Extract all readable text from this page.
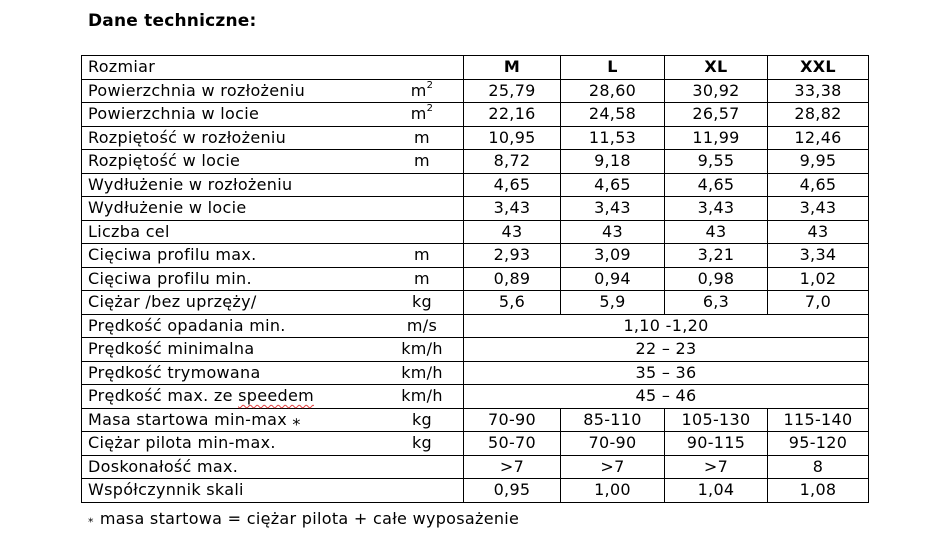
Dane techniczne:
Rozmiar	M	L	XL	XXL

Powierzchnia w rozłożeniu $m^2$	25,79	28,60	30,92	33,38

Powierzchnia w locie $m^2$	22,16	24,58	26,57	28,82

Rozpiętość w rozłożeniu m	10,95	11,53	11,99	12,46

Rozpiętość w locie m	8,72	9,18	9,55	9,95

Wydłużenie w rozłożeniu	4,65	4,65	4,65	4,65

Wydłużenie w locie	3,43	3,43	3,43	3,43

Liczba cel	43	43	43	43

Cięciwa profilu max. m	2,93	3,09	3,21	3,34

Cięciwa profilu min. m	0,89	0,94	0,98	1,02

Ciężar /bez uprzęży/ kg	5,6	5,9	6,3	7,0

Prędkość opadania min. m/s	1,10 -1,20			

Prędkość minimalna km/h	22 – 23			

Prędkość trymowana km/h	35 – 36			

Prędkość max. ze speedem km/h	45 – 46			

Masa startowa min-max ⁎ kg	70-90	85-110	105-130	115-140

Ciężar pilota min-max. kg	50-70	70-90	90-115	95-120

Doskonałość max.	>7	>7	>7	8

Współczynnik skali	0,95	1,00	1,04	1,08
⁎ masa startowa = ciężar pilota + całe wyposażenie
